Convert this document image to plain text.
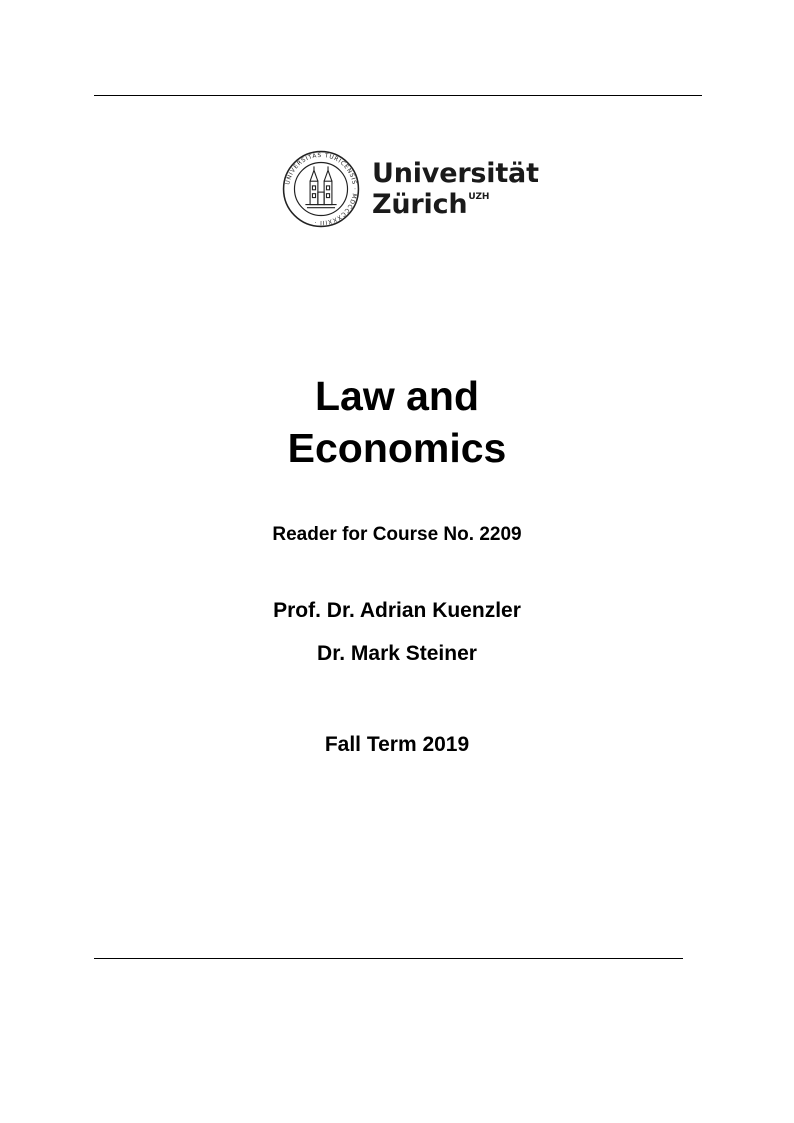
UNIVERSITAS TURICENSIS · MDCCCXXXIII ·
Universität
Zürich$^{UZH}$
Law and
Economics
Reader for Course No. 2209
Prof. Dr. Adrian Kuenzler
Dr. Mark Steiner
Fall Term 2019
